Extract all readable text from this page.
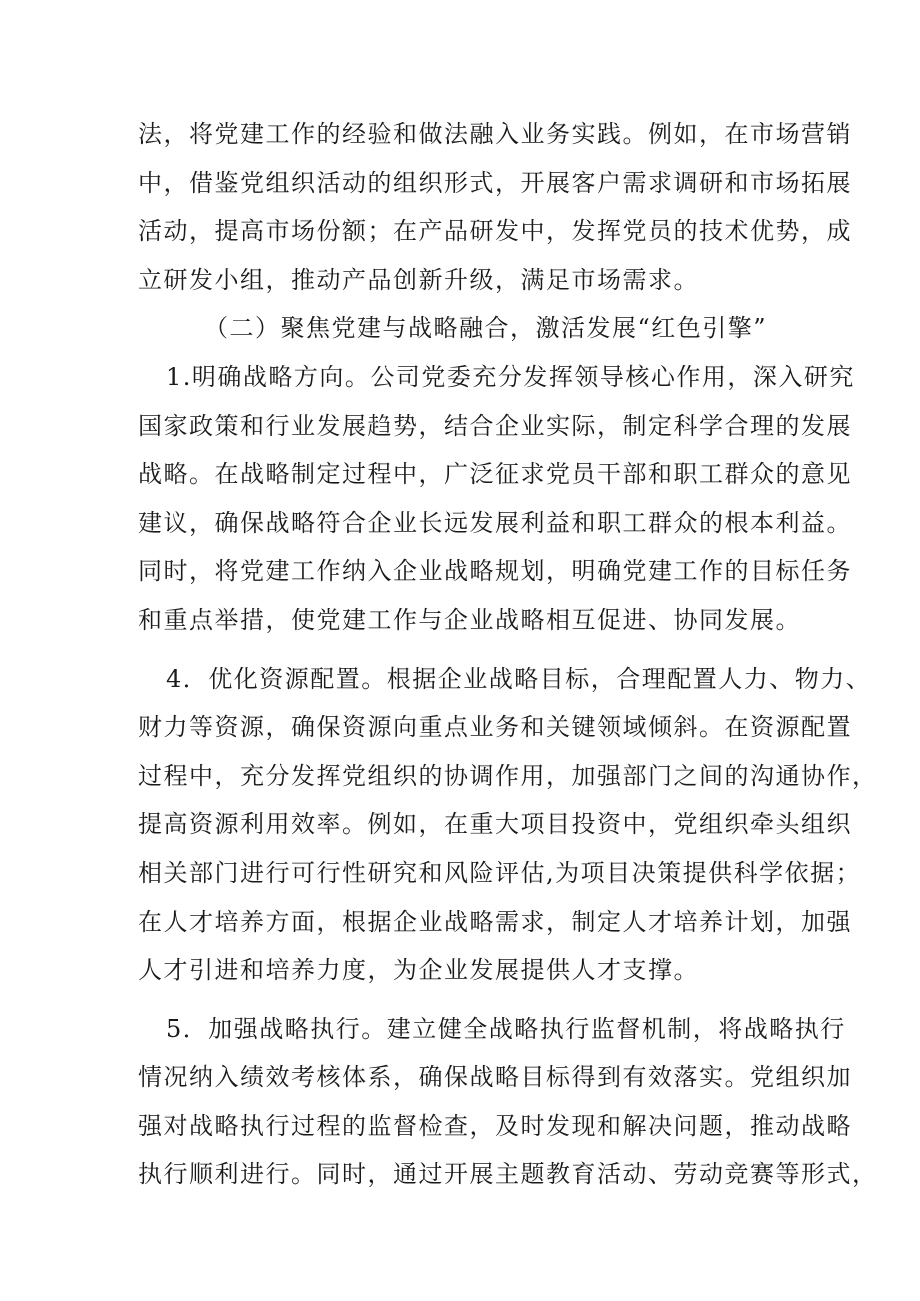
法，将党建工作的经验和做法融入业务实践。例如，在市场营销
中，借鉴党组织活动的组织形式，开展客户需求调研和市场拓展
活动，提高市场份额；在产品研发中，发挥党员的技术优势，成
立研发小组，推动产品创新升级，满足市场需求。
（二）聚焦党建与战略融合，激活发展“红色引擎”
1.明确战略方向。公司党委充分发挥领导核心作用，深入研究
国家政策和行业发展趋势，结合企业实际，制定科学合理的发展
战略。在战略制定过程中，广泛征求党员干部和职工群众的意见
建议，确保战略符合企业长远发展利益和职工群众的根本利益。
同时，将党建工作纳入企业战略规划，明确党建工作的目标任务
和重点举措，使党建工作与企业战略相互促进、协同发展。
4．优化资源配置。根据企业战略目标，合理配置人力、物力、
财力等资源，确保资源向重点业务和关键领域倾斜。在资源配置
过程中，充分发挥党组织的协调作用，加强部门之间的沟通协作，
提高资源利用效率。例如，在重大项目投资中，党组织牵头组织
相关部门进行可行性研究和风险评估,为项目决策提供科学依据；
在人才培养方面，根据企业战略需求，制定人才培养计划，加强
人才引进和培养力度，为企业发展提供人才支撑。
5．加强战略执行。建立健全战略执行监督机制，将战略执行
情况纳入绩效考核体系，确保战略目标得到有效落实。党组织加
强对战略执行过程的监督检查，及时发现和解决问题，推动战略
执行顺利进行。同时，通过开展主题教育活动、劳动竞赛等形式，
